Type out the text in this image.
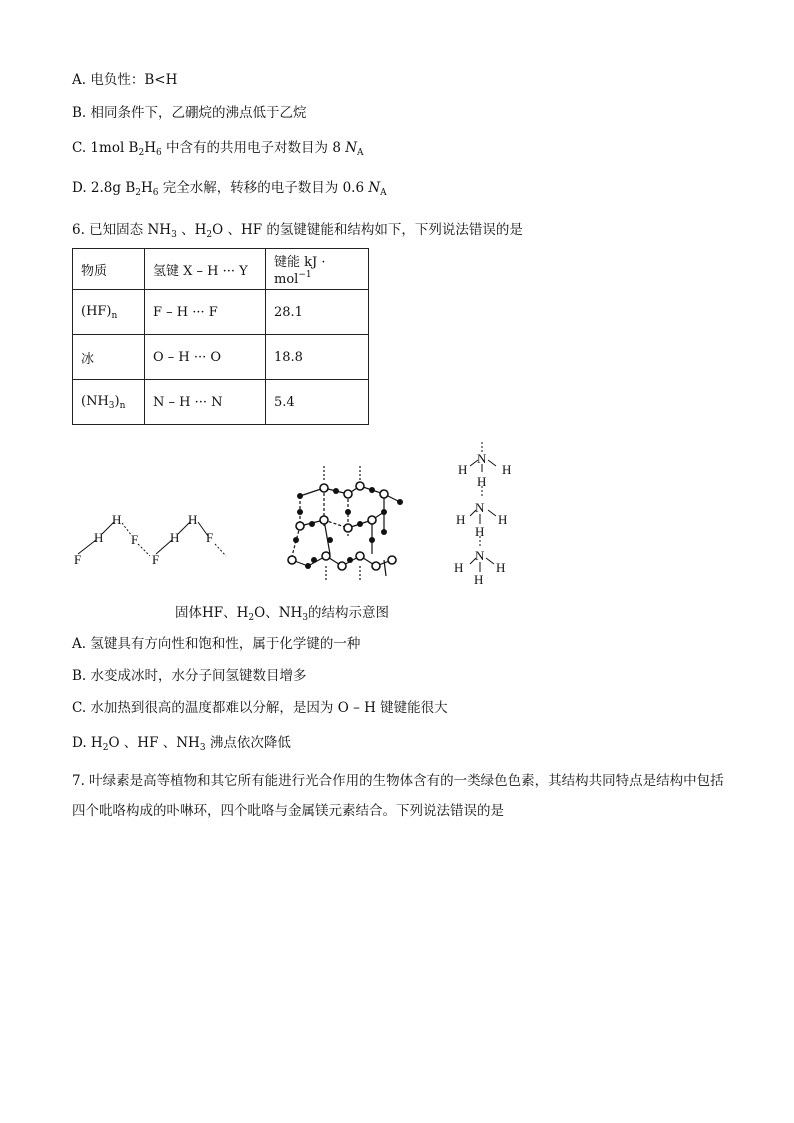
A. 电负性：B<H
B. 相同条件下，乙硼烷的沸点低于乙烷
C. 1mol $B_2H_6$ 中含有的共用电子对数目为 8 $N_A$
D. 2.8g $B_2H_6$ 完全水解，转移的电子数目为 0.6 $N_A$
6. 已知固态 $NH_3$ 、$H_2O$ 、HF 的氢键键能和结构如下，下列说法错误的是
物质	氢键 X – H ··· Y	键能 kJ · mol$^{-1}$
$(HF)_n$	F – H ··· F	28.1
冰	O – H ··· O	18.8
$(NH_3)_n$	N – H ··· N	5.4
F
H
H
F
F
H
H
F
H
N
H
H
N
H	H
H
N
H	H
H
固体HF、$H_2O$、$NH_3$的结构示意图
A. 氢键具有方向性和饱和性，属于化学键的一种
B. 水变成冰时，水分子间氢键数目增多
C. 水加热到很高的温度都难以分解，是因为 O – H 键键能很大
D. $H_2O$ 、HF 、$NH_3$ 沸点依次降低
7. 叶绿素是高等植物和其它所有能进行光合作用的生物体含有的一类绿色色素，其结构共同特点是结构中包括四个吡咯构成的卟啉环，四个吡咯与金属镁元素结合。下列说法错误的是
